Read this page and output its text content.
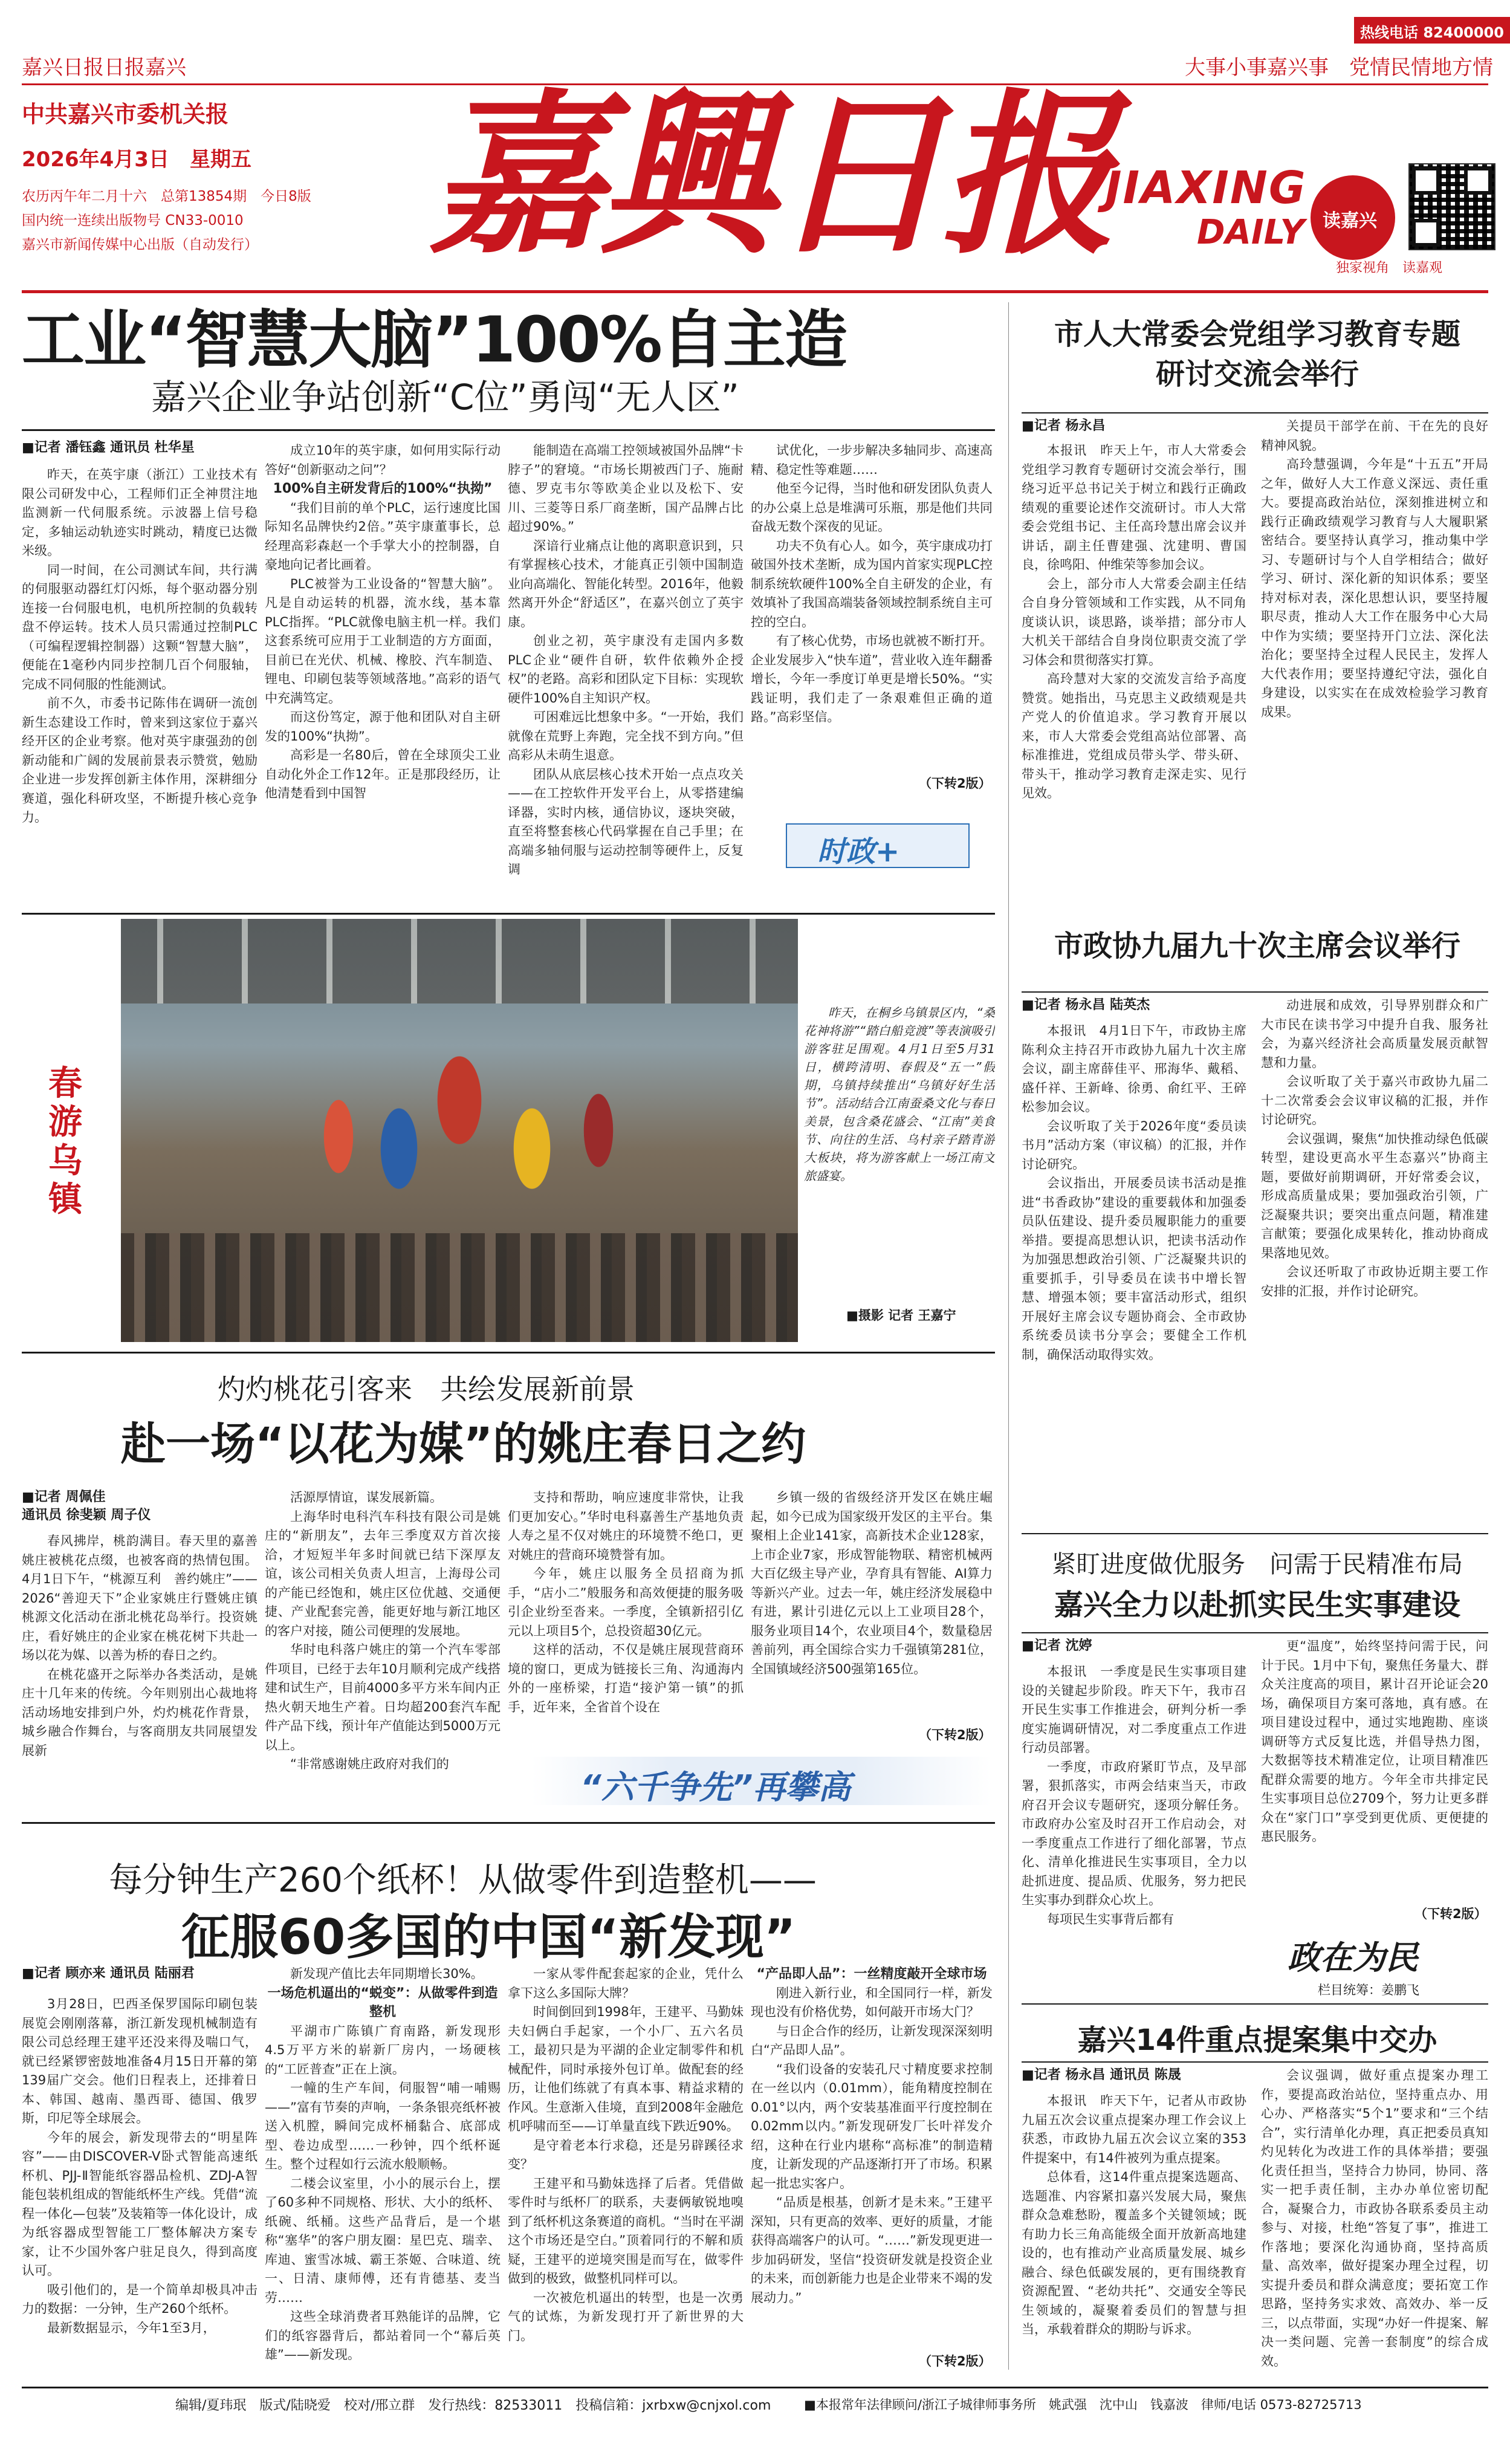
热线电话 82400000
嘉兴日报日报嘉兴	大事小事嘉兴事　党情民情地方情
中共嘉兴市委机关报
2026年4月3日　星期五
农历丙午年二月十六　总第13854期　今日8版
国内统一连续出版物号 CN33-0010
嘉兴市新闻传媒中心出版（自动发行） 嘉興日报
JIAXING
DAILY 读嘉兴
独家视角　读嘉观
工业“智慧大脑”100%自主造
嘉兴企业争站创新“C位”勇闯“无人区”
■记者 潘钰鑫 通讯员 杜华星

昨天，在英宇康（浙江）工业技术有限公司研发中心，工程师们正全神贯注地监测新一代伺服系统。示波器上信号稳定，多轴运动轨迹实时跳动，精度已达微米级。

同一时间，在公司测试车间，共行满的伺服驱动器红灯闪烁，每个驱动器分别连接一台伺服电机，电机所控制的负载转盘不停运转。技术人员只需通过控制PLC（可编程逻辑控制器）这颗“智慧大脑”，便能在1毫秒内同步控制几百个伺服轴，完成不同伺服的性能测试。

前不久，市委书记陈伟在调研一流创新生态建设工作时，曾来到这家位于嘉兴经开区的企业考察。他对英宇康强劲的创新动能和广阔的发展前景表示赞赏，勉励企业进一步发挥创新主体作用，深耕细分赛道，强化科研攻坚，不断提升核心竞争力。

成立10年的英宇康，如何用实际行动答好“创新驱动之问”？

100%自主研发背后的100%“执拗”

“我们目前的单个PLC，运行速度比国际知名品牌快约2倍。”英宇康董事长，总经理高彩森赵一个手掌大小的控制器，自豪地向记者比画着。

PLC被誉为工业设备的“智慧大脑”。凡是自动运转的机器，流水线，基本靠PLC指挥。“PLC就像电脑主机一样。我们这套系统可应用于工业制造的方方面面，目前已在光伏、机械、橡胶、汽车制造、锂电、印刷包装等领域落地。”高彩的语气中充满笃定。

而这份笃定，源于他和团队对自主研发的100%“执拗”。

高彩是一名80后，曾在全球顶尖工业自动化外企工作12年。正是那段经历，让他清楚看到中国智

能制造在高端工控领域被国外品牌“卡脖子”的窘境。“市场长期被西门子、施耐德、罗克韦尔等欧美企业以及松下、安川、三菱等日系厂商垄断，国产品牌占比超过90%。”

深谙行业痛点让他的离职意识到，只有掌握核心技术，才能真正引领中国制造业向高端化、智能化转型。2016年，他毅然离开外企“舒适区”，在嘉兴创立了英宇康。

创业之初，英宇康没有走国内多数PLC企业“硬件自研，软件依赖外企授权”的老路。高彩和团队定下目标：实现软硬件100%自主知识产权。

可困难远比想象中多。“一开始，我们就像在荒野上奔跑，完全找不到方向。”但高彩从未萌生退意。

团队从底层核心技术开始一点点攻关——在工控软件开发平台上，从零搭建编译器，实时内核，通信协议，逐块突破，直至将整套核心代码掌握在自己手里；在高端多轴伺服与运动控制等硬件上，反复调

试优化，一步步解决多轴同步、高速高精、稳定性等难题……

他至今记得，当时他和研发团队负责人的办公桌上总是堆满可乐瓶，那是他们共同奋战无数个深夜的见证。

功夫不负有心人。如今，英宇康成功打破国外技术垄断，成为国内首家实现PLC控制系统软硬件100%全自主研发的企业，有效填补了我国高端装备领域控制系统自主可控的空白。

有了核心优势，市场也就被不断打开。企业发展步入“快车道”，营业收入连年翻番增长，今年一季度订单更是增长50%。“实践证明，我们走了一条艰难但正确的道路。”高彩坚信。

（下转2版）
时政+
市人大常委会党组学习教育专题研讨交流会举行
■记者 杨永昌

本报讯　昨天上午，市人大常委会党组学习教育专题研讨交流会举行，围绕习近平总书记关于树立和践行正确政绩观的重要论述作交流研讨。市人大常委会党组书记、主任高玲慧出席会议并讲话，副主任曹建强、沈建明、曹国良，徐鸣阳、仲维荣等参加会议。

会上，部分市人大常委会副主任结合自身分管领域和工作实践，从不同角度谈认识，谈思路，谈举措；部分市人大机关干部结合自身岗位职责交流了学习体会和贯彻落实打算。

高玲慧对大家的交流发言给予高度赞赏。她指出，马克思主义政绩观是共产党人的价值追求。学习教育开展以来，市人大常委会党组高站位部署、高标准推进，党组成员带头学、带头研、带头干，推动学习教育走深走实、见行见效。

关提员干部学在前、干在先的良好精神风貌。

高玲慧强调，今年是“十五五”开局之年，做好人大工作意义深远、责任重大。要提高政治站位，深刻推进树立和践行正确政绩观学习教育与人大履职紧密结合。要坚持认真学习，推动集中学习、专题研讨与个人自学相结合；做好学习、研讨、深化新的知识体系；要坚持对标对表，深化思想认识，要坚持履职尽责，推动人大工作在服务中心大局中作为实绩；要坚持开门立法、深化法治化；要坚持全过程人民民主，发挥人大代表作用；要坚持遵纪守法，强化自身建设，以实实在在成效检验学习教育成果。

春游乌镇
昨天，在桐乡乌镇景区内，“桑花神将游”“踏白船竞渡”等表演吸引游客驻足围观。4月1日至5月31日，横跨清明、春假及“五一”假期，乌镇持续推出“乌镇好好生活节”。活动结合江南蚕桑文化与春日美景，包含桑花盛会、“江南”美食节、向往的生活、乌村亲子踏青游大板块，将为游客献上一场江南文旅盛宴。
■摄影 记者 王嘉宁
市政协九届九十次主席会议举行
■记者 杨永昌 陆英杰

本报讯　4月1日下午，市政协主席陈利众主持召开市政协九届九十次主席会议，副主席薛佳平、邢海华、戴稻、盛仟祥、王新峰、徐勇、俞红平、王碎松参加会议。

会议听取了关于2026年度“委员读书月”活动方案（审议稿）的汇报，并作讨论研究。

会议指出，开展委员读书活动是推进“书香政协”建设的重要载体和加强委员队伍建设、提升委员履职能力的重要举措。要提高思想认识，把读书活动作为加强思想政治引领、广泛凝聚共识的重要抓手，引导委员在读书中增长智慧、增强本领；要丰富活动形式，组织开展好主席会议专题协商会、全市政协系统委员读书分享会；要健全工作机制，确保活动取得实效。

动进展和成效，引导界别群众和广大市民在读书学习中提升自我、服务社会，为嘉兴经济社会高质量发展贡献智慧和力量。

会议听取了关于嘉兴市政协九届二十二次常委会会议审议稿的汇报，并作讨论研究。

会议强调，聚焦“加快推动绿色低碳转型，建设更高水平生态嘉兴”协商主题，要做好前期调研，开好常委会议，形成高质量成果；要加强政治引领，广泛凝聚共识；要突出重点问题，精准建言献策；要强化成果转化，推动协商成果落地见效。

会议还听取了市政协近期主要工作安排的汇报，并作讨论研究。

灼灼桃花引客来　共绘发展新前景
赴一场“以花为媒”的姚庄春日之约
■记者 周佩佳
通讯员 徐斐颖 周子仪

春风拂岸，桃韵满目。春天里的嘉善姚庄被桃花点缀，也被客商的热情包围。4月1日下午，“桃源互利　善约姚庄”——2026“善迎天下”企业家姚庄行暨姚庄镇桃源文化活动在浙北桃花岛举行。投资姚庄，看好姚庄的企业家在桃花树下共赴一场以花为媒、以善为桥的春日之约。

在桃花盛开之际举办各类活动，是姚庄十几年来的传统。今年则别出心裁地将活动场地安排到户外，灼灼桃花作背景，城乡融合作舞台，与客商朋友共同展望发展新

活源厚情谊，谋发展新篇。

上海华时电科汽车科技有限公司是姚庄的“新朋友”，去年三季度双方首次接洽，才短短半年多时间就已结下深厚友谊，该公司相关负责人坦言，上海母公司的产能已经饱和，姚庄区位优越、交通便捷、产业配套完善，能更好地与新江地区的客户对接，随公司便理的发展地。

华时电科落户姚庄的第一个汽车零部件项目，已经于去年10月顺利完成产线搭建和试生产，目前4000多平方米车间内正热火朝天地生产着。日均超200套汽车配件产品下线，预计年产值能达到5000万元以上。

“非常感谢姚庄政府对我们的

支持和帮助，响应速度非常快，让我们更加安心。”华时电科嘉善生产基地负责人寿之星不仅对姚庄的环境赞不绝口，更对姚庄的营商环境赞誉有加。

今年，姚庄以服务全员招商为抓手，“店小二”般服务和高效便捷的服务吸引企业纷至沓来。一季度，全镇新招引亿元以上项目5个，总投资超30亿元。

这样的活动，不仅是姚庄展现营商环境的窗口，更成为链接长三角、沟通海内外的一座桥梁，打造“接沪第一镇”的抓手，近年来，全省首个设在

乡镇一级的省级经济开发区在姚庄崛起，如今已成为国家级开发区的主平台。集聚相上企业141家，高新技术企业128家，上市企业7家，形成智能物联、精密机械两大百亿级主导产业，孕育具有智能、AI算力等新兴产业。过去一年，姚庄经济发展稳中有进，累计引进亿元以上工业项目28个，服务业项目14个，农业项目4个，数量稳居善前列，再全国综合实力千强镇第281位，全国镇域经济500强第165位。

（下转2版）
“六千争先”再攀高
紧盯进度做优服务　问需于民精准布局
嘉兴全力以赴抓实民生实事建设
■记者 沈婷

本报讯　一季度是民生实事项目建设的关键起步阶段。昨天下午，我市召开民生实事工作推进会，研判分析一季度实施调研情况，对二季度重点工作进行动员部署。

一季度，市政府紧盯节点，及早部署，狠抓落实，市两会结束当天，市政府召开会议专题研究，逐项分解任务。市政府办公室及时召开工作启动会，对一季度重点工作进行了细化部署，节点化、清单化推进民生实事项目，全力以赴抓进度、提品质、优服务，努力把民生实事办到群众心坎上。

每项民生实事背后都有

更“温度”，始终坚持问需于民，问计于民。1月中下旬，聚焦任务量大、群众关注度高的项目，累计召开论证会20场，确保项目方案可落地，真有感。在项目建设过程中，通过实地跑勘、座谈调研等方式反复比选，并倡导热力图，大数据等技术精准定位，让项目精准匹配群众需要的地方。今年全市共排定民生实事项目总位2709个，努力让更多群众在“家门口”享受到更优质、更便捷的惠民服务。

（下转2版）
政在为民
栏目统筹：姜鹏飞
每分钟生产260个纸杯！从做零件到造整机——
征服60多国的中国“新发现”
■记者 顾亦来 通讯员 陆丽君

3月28日，巴西圣保罗国际印刷包装展览会刚刚落幕，浙江新发现机械制造有限公司总经理王建平还没来得及喘口气，就已经紧锣密鼓地准备4月15日开幕的第139届广交会。他们日程表上，还排着日本、韩国、越南、墨西哥、德国、俄罗斯，印尼等全球展会。

今年的展会，新发现带去的“明星阵容”——由DISCOVER-V卧式智能高速纸杯机、PJJ-Ⅱ智能纸容器品检机、ZDJ-A智能包装机组成的智能纸杯生产线。凭借“流程一体化—包装”及装箱等一体化设计，成为纸容器成型智能工厂整体解决方案专家，让不少国外客户驻足良久，得到高度认可。

吸引他们的，是一个简单却极具冲击力的数据：一分钟，生产260个纸杯。

最新数据显示，今年1至3月，

新发现产值比去年同期增长30%。

一场危机逼出的“蜕变”：从做零件到造整机

平湖市广陈镇广育南路，新发现形4.5万平方米的崭新厂房内，一场硬核的“工匠普查”正在上演。

一幢的生产车间，伺服智“哺一哺赐——”富有节奏的声响，一条条银亮纸杯被送入机膛，瞬间完成杯桶黏合、底部成型、卷边成型……一秒钟，四个纸杯诞生。整个过程如行云流水般顺畅。

二楼会议室里，小小的展示台上，摆了60多种不同规格、形状、大小的纸杯、纸碗、纸桶。这些产品背后，是一个堪称“塞华”的客户朋友圈：星巴克、瑞幸、库迪、蜜雪冰城、霸王茶姬、合味道、统一、日清、康师傅，还有肯德基、麦当劳……

这些全球消费者耳熟能详的品牌，它们的纸容器背后，都站着同一个“幕后英雄”——新发现。

一家从零件配套起家的企业，凭什么拿下这么多国际大牌？

时间倒回到1998年，王建平、马勤妹夫妇俩白手起家，一个小厂、五六名员工，最初只是为平湖的企业定制零件和机械配件，同时承接外包订单。做配套的经历，让他们练就了有真本事、精益求精的作风。生意渐入佳境，直到2008年金融危机呼啸而至——订单量直线下跌近90%。

是守着老本行求稳，还是另辟蹊径求变？

王建平和马勤妹选择了后者。凭借做零件时与纸杯厂的联系，夫妻俩敏锐地嗅到了纸杯机这条赛道的商机。“当时在平湖这个市场还是空白。”顶着同行的不解和质疑，王建平的逆境突围是而写在，做零件做到的极致，做整机同样可以。

一次被危机逼出的转型，也是一次勇气的试炼，为新发现打开了新世界的大门。

“产品即人品”：一丝精度敲开全球市场

刚进入新行业，和全国同行一样，新发现也没有价格优势，如何敲开市场大门？

与日企合作的经历，让新发现深深刻明白“产品即人品”。

“我们设备的安装孔尺寸精度要求控制在一丝以内（0.01mm），能角精度控制在0.01°以内，两个安装基准面平行度控制在0.02mm以内。”新发现研发厂长叶祥发介绍，这种在行业内堪称“高标准”的制造精度，让新发现的产品逐渐打开了市场。积累起一批忠实客户。

“品质是根基，创新才是未来。”王建平深知，只有更高的效率、更好的质量，才能获得高端客户的认可。“……”新发现更进一步加码研发，坚信“投资研发就是投资企业的未来，而创新能力也是企业带来不竭的发展动力。”

（下转2版）
嘉兴14件重点提案集中交办
■记者 杨永昌 通讯员 陈晟

本报讯　昨天下午，记者从市政协九届五次会议重点提案办理工作会议上获悉，市政协九届五次会议立案的353件提案中，有14件被列为重点提案。

总体看，这14件重点提案选题高、选题准、内容紧扣嘉兴发展大局，聚焦群众急难愁盼，覆盖多个关键领域；既有助力长三角高能级全面开放新高地建设的，也有推动产业高质量发展、城乡融合、绿色低碳发展的，更有围绕教育资源配置、“老幼共托”、交通安全等民生领域的，凝聚着委员们的智慧与担当，承载着群众的期盼与诉求。

会议强调，做好重点提案办理工作，要提高政治站位，坚持重点办、用心办、严格落实“5个1”要求和“三个结合”，实行清单化办理，真正把委员真知灼见转化为改进工作的具体举措；要强化责任担当，坚持合力协同，协同、落实一把手责任制，主办办单位密切配合，凝聚合力，市政协各联系委员主动参与、对接，杜绝“答复了事”，推进工作落地；要深化沟通协商，坚持高质量、高效率，做好提案办理全过程，切实提升委员和群众满意度；要拓宽工作思路，坚持务实求效、高效办、举一反三，以点带面，实现“办好一件提案、解决一类问题、完善一套制度”的综合成效。

编辑/夏玮珉　版式/陆晓爱　校对/邢立群　发行热线：82533011　投稿信箱：jxrbxw@cnjxol.com	■本报常年法律顾问/浙江子城律师事务所　姚武强　沈中山　钱嘉波　律师/电话 0573-82725713
